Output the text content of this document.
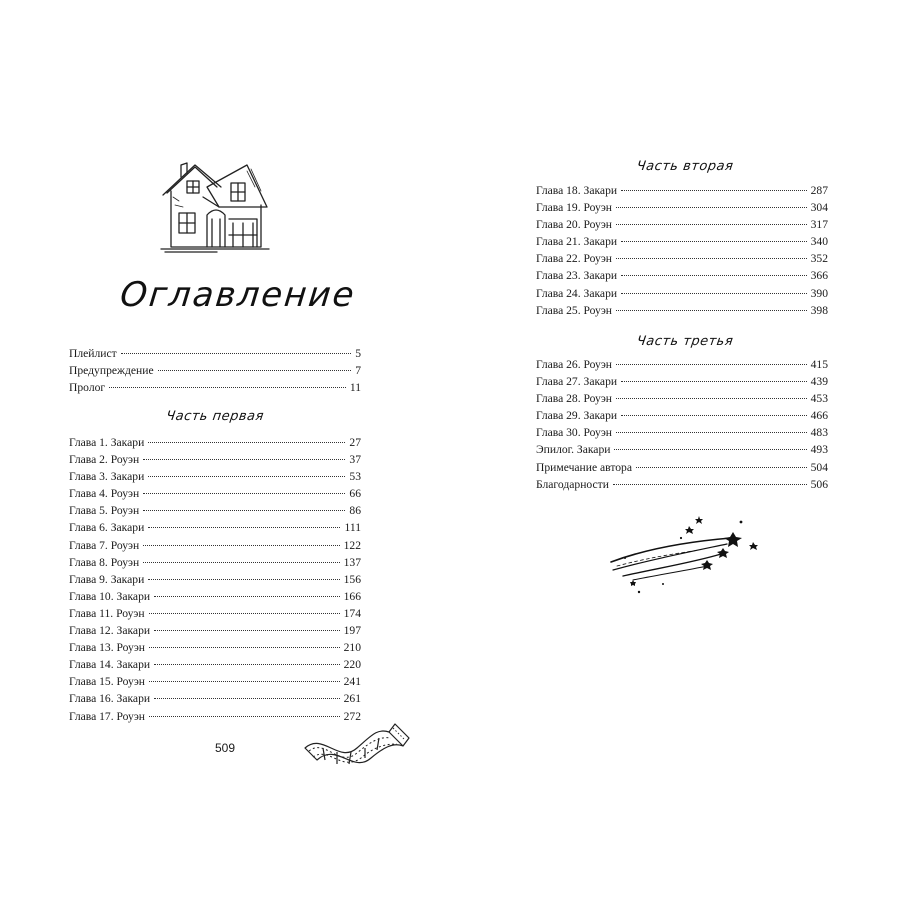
Оглавление
Плейлист	5
Предупреждение	7
Пролог	11
Часть первая
Глава 1. Закари	27
Глава 2. Роуэн	37
Глава 3. Закари	53
Глава 4. Роуэн	66
Глава 5. Роуэн	86
Глава 6. Закари	111
Глава 7. Роуэн	122
Глава 8. Роуэн	137
Глава 9. Закари	156
Глава 10. Закари	166
Глава 11. Роуэн	174
Глава 12. Закари	197
Глава 13. Роуэн	210
Глава 14. Закари	220
Глава 15. Роуэн	241
Глава 16. Закари	261
Глава 17. Роуэн	272
509
Часть вторая
Глава 18. Закари	287
Глава 19. Роуэн	304
Глава 20. Роуэн	317
Глава 21. Закари	340
Глава 22. Роуэн	352
Глава 23. Закари	366
Глава 24. Закари	390
Глава 25. Роуэн	398
Часть третья
Глава 26. Роуэн	415
Глава 27. Закари	439
Глава 28. Роуэн	453
Глава 29. Закари	466
Глава 30. Роуэн	483
Эпилог. Закари	493
Примечание автора	504
Благодарности	506
